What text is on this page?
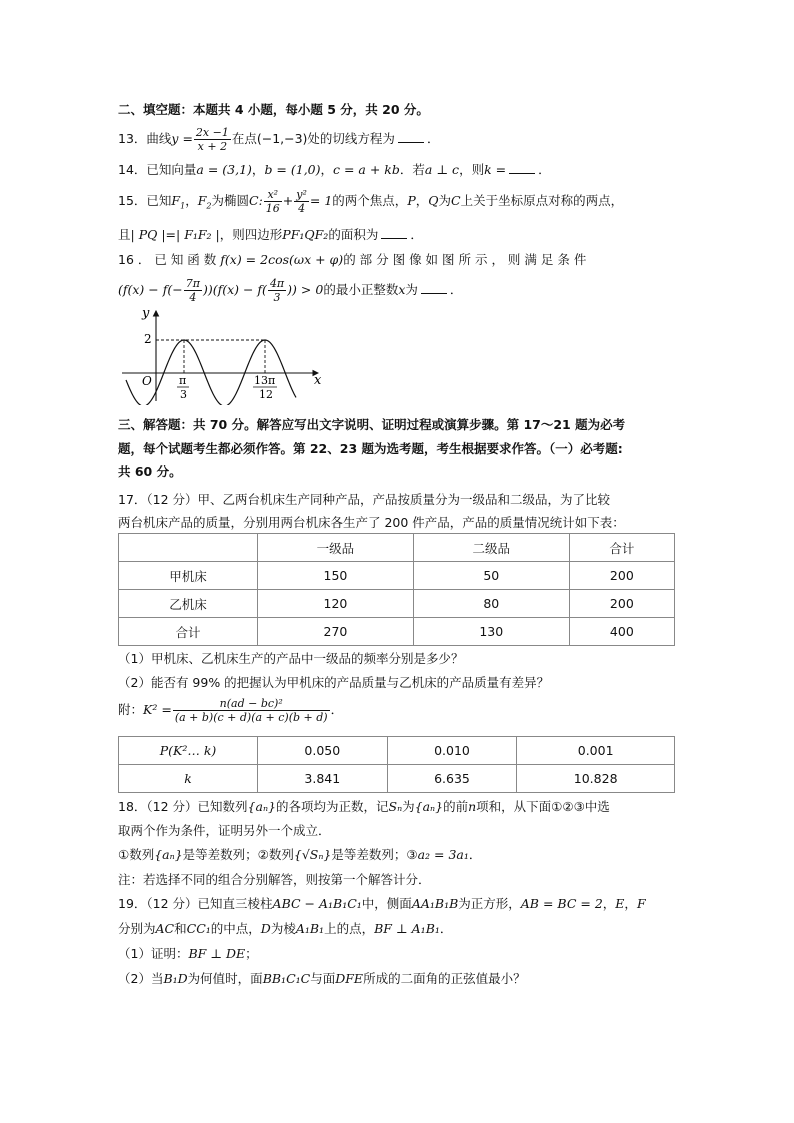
二、填空题：本题共 4 小题，每小题 5 分，共 20 分。
13．曲线$y = \frac{2x -1}{x + 2}$ 在点(−1,−3)处的切线方程为	．
14．已知向量a = (3,1)，b = (1,0)，c = a + kb．若a ⊥ c，则k =	．
15．已知$F_1$，$F_2$为椭圆C: $\frac{\text{x²}}{16} + \frac{\text{y²}}{4} = 1$的两个焦点，P，Q为C上关于坐标原点对称的两点，
且| PQ |=| F₁F₂ |，则四边形PF₁QF₂的面积为	．
16 ． 已 知 函 数 f(x) = 2cos(ωx + φ)的 部 分 图 像 如 图 所 示 ， 则 满 足 条 件
$(f(x) - f(- \frac{7\pi}{4} ))(f(x) - f( \frac{4\pi}{3}$ )) > 0的最小正整数x为	．
y
x
O
2
π
3
13π
12
三、解答题：共 70 分。解答应写出文字说明、证明过程或演算步骤。第 17～21 题为必考
题，每个试题考生都必须作答。第 22、23 题为选考题，考生根据要求作答。（一）必考题:
共 60 分。
17．（12 分）甲、乙两台机床生产同种产品，产品按质量分为一级品和二级品，为了比较
两台机床产品的质量，分别用两台机床各生产了 200 件产品，产品的质量情况统计如下表：
	一级品	二级品	合计
甲机床	150	50	200
乙机床	120	80	200
合计	270	130	400
（1）甲机床、乙机床生产的产品中一级品的频率分别是多少？
（2）能否有 99% 的把握认为甲机床的产品质量与乙机床的产品质量有差异？
附：$K^2 = \frac{\text{n(ad − bc)²}}{(a + b)(c + d)(a + c)(b + d)}$ ．
P(K²… k)	0.050	0.010	0.001
k	3.841	6.635	10.828
18．（12 分）已知数列{aₙ}的各项均为正数，记Sₙ为{aₙ}的前n项和，从下面①②③中选
取两个作为条件，证明另外一个成立．
①数列{aₙ}是等差数列；②数列{√Sₙ}是等差数列；③a₂ = 3a₁．
注：若选择不同的组合分别解答，则按第一个解答计分．
19．（12 分）已知直三棱柱ABC − A₁B₁C₁中，侧面AA₁B₁B为正方形，AB = BC = 2，E，F
分别为AC和CC₁的中点，D为棱A₁B₁上的点，BF ⊥ A₁B₁．
（1）证明：BF ⊥ DE；
（2）当B₁D为何值时，面BB₁C₁C与面DFE所成的二面角的正弦值最小？
